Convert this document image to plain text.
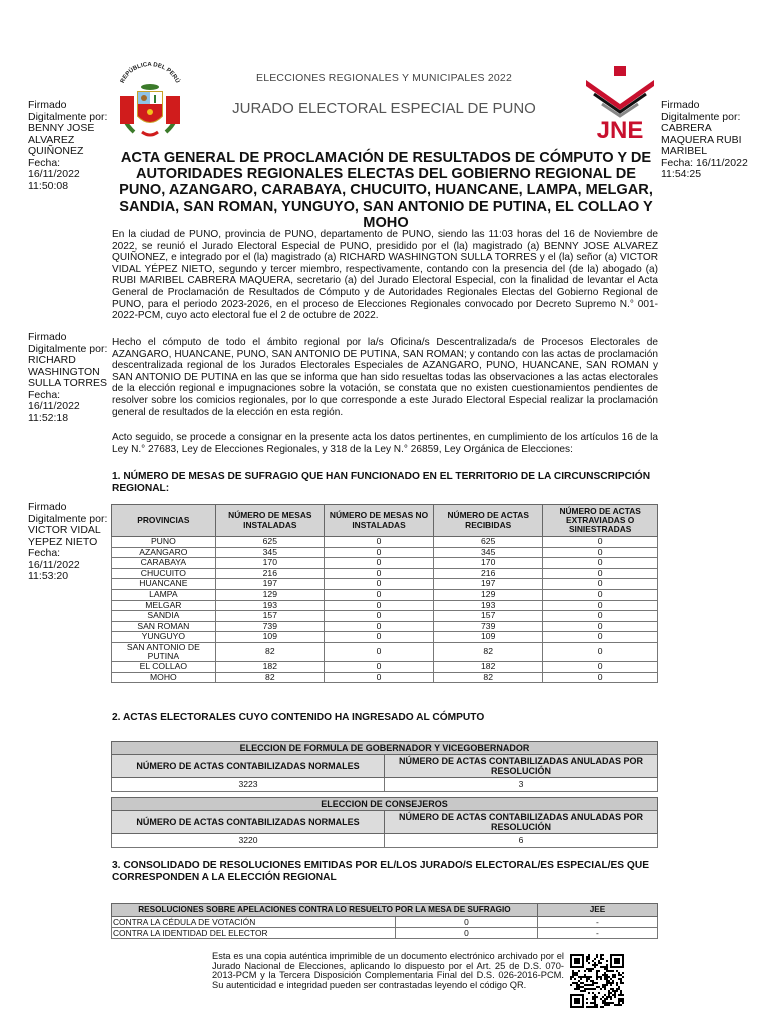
REPÚBLICA DEL PERÚ	ELECCIONES REGIONALES Y MUNICIPALES 2022
JURADO ELECTORAL ESPECIAL DE PUNO
JNE
Firmado
Digitalmente por:
BENNY JOSE
ALVAREZ
QUIÑONEZ
Fecha: 16/11/2022
11:50:08
Firmado
Digitalmente por:
CABRERA
MAQUERA RUBI
MARIBEL
Fecha: 16/11/2022
11:54:25
Firmado
Digitalmente por:
RICHARD
WASHINGTON
SULLA TORRES
Fecha: 16/11/2022
11:52:18
Firmado
Digitalmente por:
VICTOR VIDAL
YEPEZ NIETO
Fecha: 16/11/2022
11:53:20
ACTA GENERAL DE PROCLAMACIÓN DE RESULTADOS DE CÓMPUTO Y DE AUTORIDADES REGIONALES ELECTAS DEL GOBIERNO REGIONAL DE PUNO, AZANGARO, CARABAYA, CHUCUITO, HUANCANE, LAMPA, MELGAR, SANDIA, SAN ROMAN, YUNGUYO, SAN ANTONIO DE PUTINA, EL COLLAO Y MOHO
En la ciudad de PUNO, provincia de PUNO, departamento de PUNO, siendo las 11:03 horas del 16 de Noviembre de 2022, se reunió el Jurado Electoral Especial de PUNO, presidido por el (la) magistrado (a) BENNY JOSE ALVAREZ QUIÑONEZ, e integrado por el (la) magistrado (a) RICHARD WASHINGTON SULLA TORRES y el (la) señor (a) VICTOR VIDAL YÉPEZ NIETO, segundo y tercer miembro, respectivamente, contando con la presencia del (de la) abogado (a) RUBI MARIBEL CABRERA MAQUERA, secretario (a) del Jurado Electoral Especial, con la finalidad de levantar el Acta General de Proclamación de Resultados de Cómputo y de Autoridades Regionales Electas del Gobierno Regional de PUNO, para el periodo 2023-2026, en el proceso de Elecciones Regionales convocado por Decreto Supremo N.° 001-2022-PCM, cuyo acto electoral fue el 2 de octubre de 2022.
Hecho el cómputo de todo el ámbito regional por la/s Oficina/s Descentralizada/s de Procesos Electorales de AZANGARO, HUANCANE, PUNO, SAN ANTONIO DE PUTINA, SAN ROMAN; y contando con las actas de proclamación descentralizada regional de los Jurados Electorales Especiales de AZANGARO, PUNO, HUANCANE, SAN ROMAN y SAN ANTONIO DE PUTINA en las que se informa que han sido resueltas todas las observaciones a las actas electorales de la elección regional e impugnaciones sobre la votación, se constata que no existen cuestionamientos pendientes de resolver sobre los comicios regionales, por lo que corresponde a este Jurado Electoral Especial realizar la proclamación general de resultados de la elección en esta región.
Acto seguido, se procede a consignar en la presente acta los datos pertinentes, en cumplimiento de los artículos 16 de la Ley N.° 27683, Ley de Elecciones Regionales, y 318 de la Ley N.° 26859, Ley Orgánica de Elecciones:
1. NÚMERO DE MESAS DE SUFRAGIO QUE HAN FUNCIONADO EN EL TERRITORIO DE LA CIRCUNSCRIPCIÓN REGIONAL:
PROVINCIAS	NÚMERO DE MESAS INSTALADAS	NÚMERO DE MESAS NO INSTALADAS	NÚMERO DE ACTAS RECIBIDAS	NÚMERO DE ACTAS EXTRAVIADAS O SINIESTRADAS
PUNO	625	0	625	0
AZANGARO	345	0	345	0
CARABAYA	170	0	170	0
CHUCUITO	216	0	216	0
HUANCANE	197	0	197	0
LAMPA	129	0	129	0
MELGAR	193	0	193	0
SANDIA	157	0	157	0
SAN ROMAN	739	0	739	0
YUNGUYO	109	0	109	0
SAN ANTONIO DE PUTINA	82	0	82	0
EL COLLAO	182	0	182	0
MOHO	82	0	82	0
2. ACTAS ELECTORALES CUYO CONTENIDO HA INGRESADO AL CÓMPUTO
ELECCION DE FORMULA DE GOBERNADOR Y VICEGOBERNADOR	
NÚMERO DE ACTAS CONTABILIZADAS NORMALES	NÚMERO DE ACTAS CONTABILIZADAS ANULADAS POR RESOLUCIÓN
3223	3
ELECCION DE CONSEJEROS	
NÚMERO DE ACTAS CONTABILIZADAS NORMALES	NÚMERO DE ACTAS CONTABILIZADAS ANULADAS POR RESOLUCIÓN
3220	6
3. CONSOLIDADO DE RESOLUCIONES EMITIDAS POR EL/LOS JURADO/S ELECTORAL/ES ESPECIAL/ES QUE CORRESPONDEN A LA ELECCIÓN REGIONAL
RESOLUCIONES SOBRE APELACIONES CONTRA LO RESUELTO POR LA MESA DE SUFRAGIO		JEE
CONTRA LA CÉDULA DE VOTACIÓN	0	-
CONTRA LA IDENTIDAD DEL ELECTOR	0	-
Esta es una copia auténtica imprimible de un documento electrónico archivado por el Jurado Nacional de Elecciones, aplicando lo dispuesto por el Art. 25 de D.S. 070-2013-PCM y la Tercera Disposición Complementaria Final del D.S. 026-2016-PCM. Su autenticidad e integridad pueden ser contrastadas leyendo el código QR.
